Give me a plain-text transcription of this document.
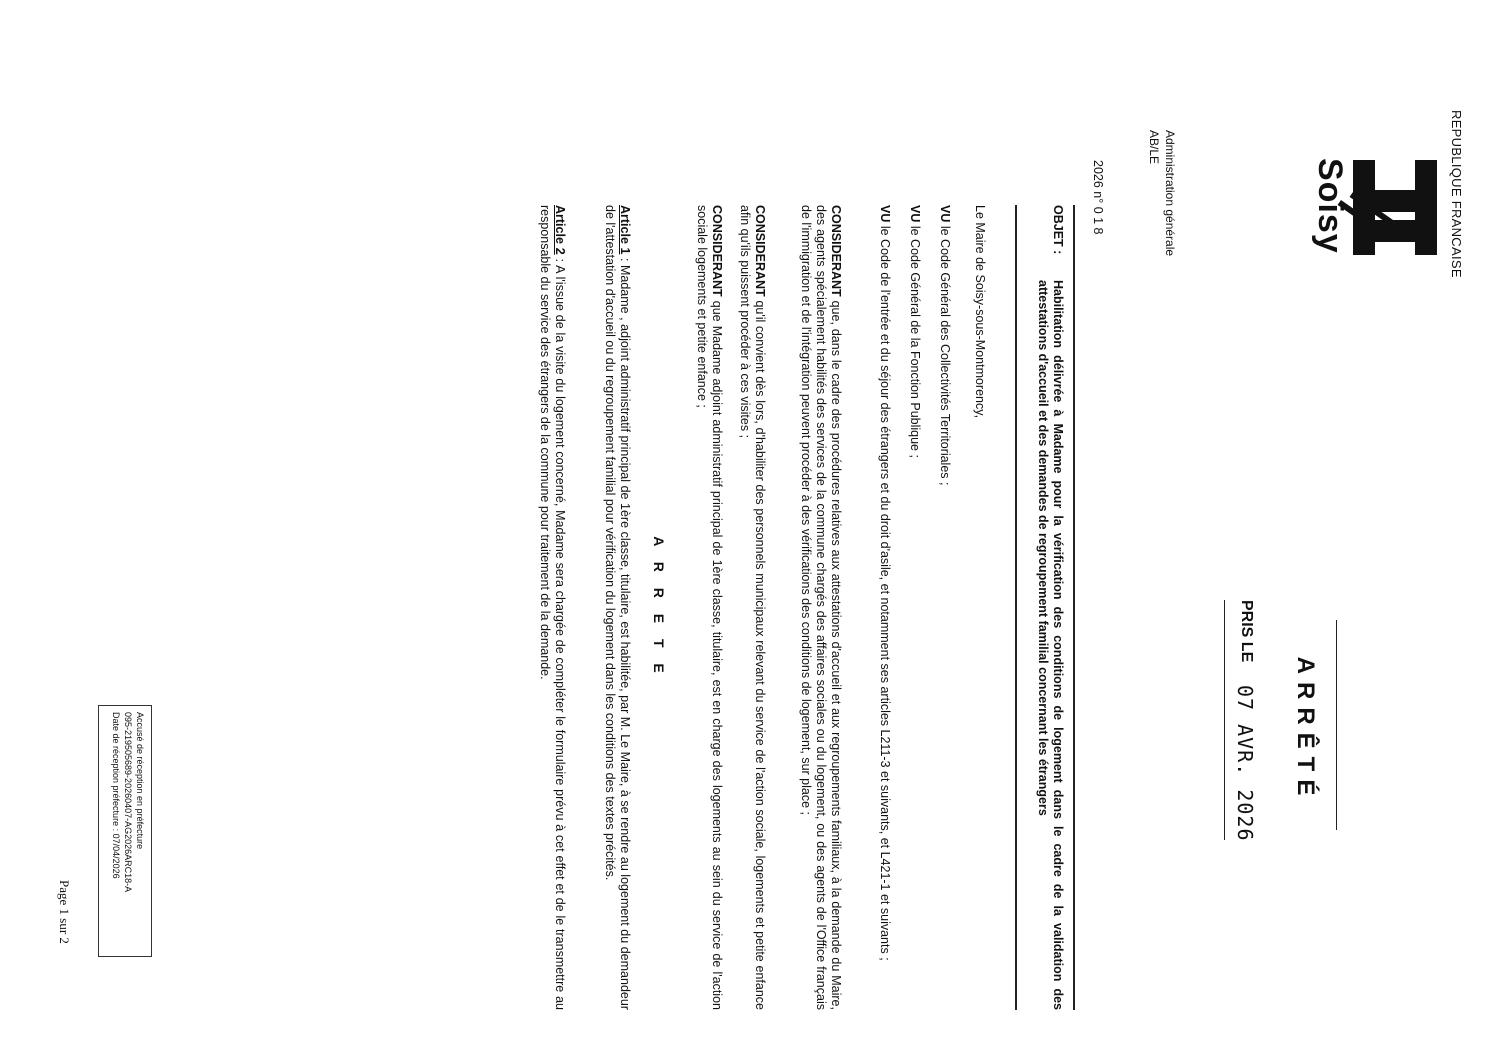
REPUBLIQUE FRANCAISE
Soisy
Administration générale
AB/LE
2026 n° 0 1 8
ARRÊTÉ
PRIS LE
07 AVR. 2026
OBJET :
Habilitation délivrée à Madame pour la vérification des conditions de logement dans le cadre de la validation des attestations d'accueil et des demandes de regroupement familial concernant les étrangers
Le Maire de Soisy-sous-Montmorency,
VU le Code Général des Collectivités Territoriales ;
VU le Code Général de la Fonction Publique ;
VU le Code de l'entrée et du séjour des étrangers et du droit d'asile, et notamment ses articles L211-3 et suivants, et L421-1 et suivants ;
CONSIDERANT que, dans le cadre des procédures relatives aux attestations d'accueil et aux regroupements familiaux, à la demande du Maire, des agents spécialement habilités des services de la commune chargés des affaires sociales ou du logement, ou des agents de l'Office français de l'immigration et de l'intégration peuvent procéder à des vérifications des conditions de logement, sur place ;
CONSIDERANT qu'il convient dès lors, d'habiliter des personnels municipaux relevant du service de l'action sociale, logements et petite enfance afin qu'ils puissent procéder à ces visites ;
CONSIDERANT que Madame adjoint administratif principal de 1ère classe, titulaire, est en charge des logements au sein du service de l'action sociale logements et petite enfance ;
A R R E T E
Article 1 : Madame , adjoint administratif principal de 1ère classe, titulaire, est habilitée, par M. Le Maire, à se rendre au logement du demandeur de l'attestation d'accueil ou du regroupement familial pour vérification du logement dans les conditions des textes précités.
Article 2 : A l'issue de la visite du logement concerné, Madame sera chargée de compléter le formulaire prévu à cet effet et de le transmettre au responsable du service des étrangers de la commune pour traitement de la demande.
Accusé de réception en préfecture
095-219505689-20260407-AG2026ARC18-A
Date de réception préfecture : 07/04/2026
Page 1 sur 2
